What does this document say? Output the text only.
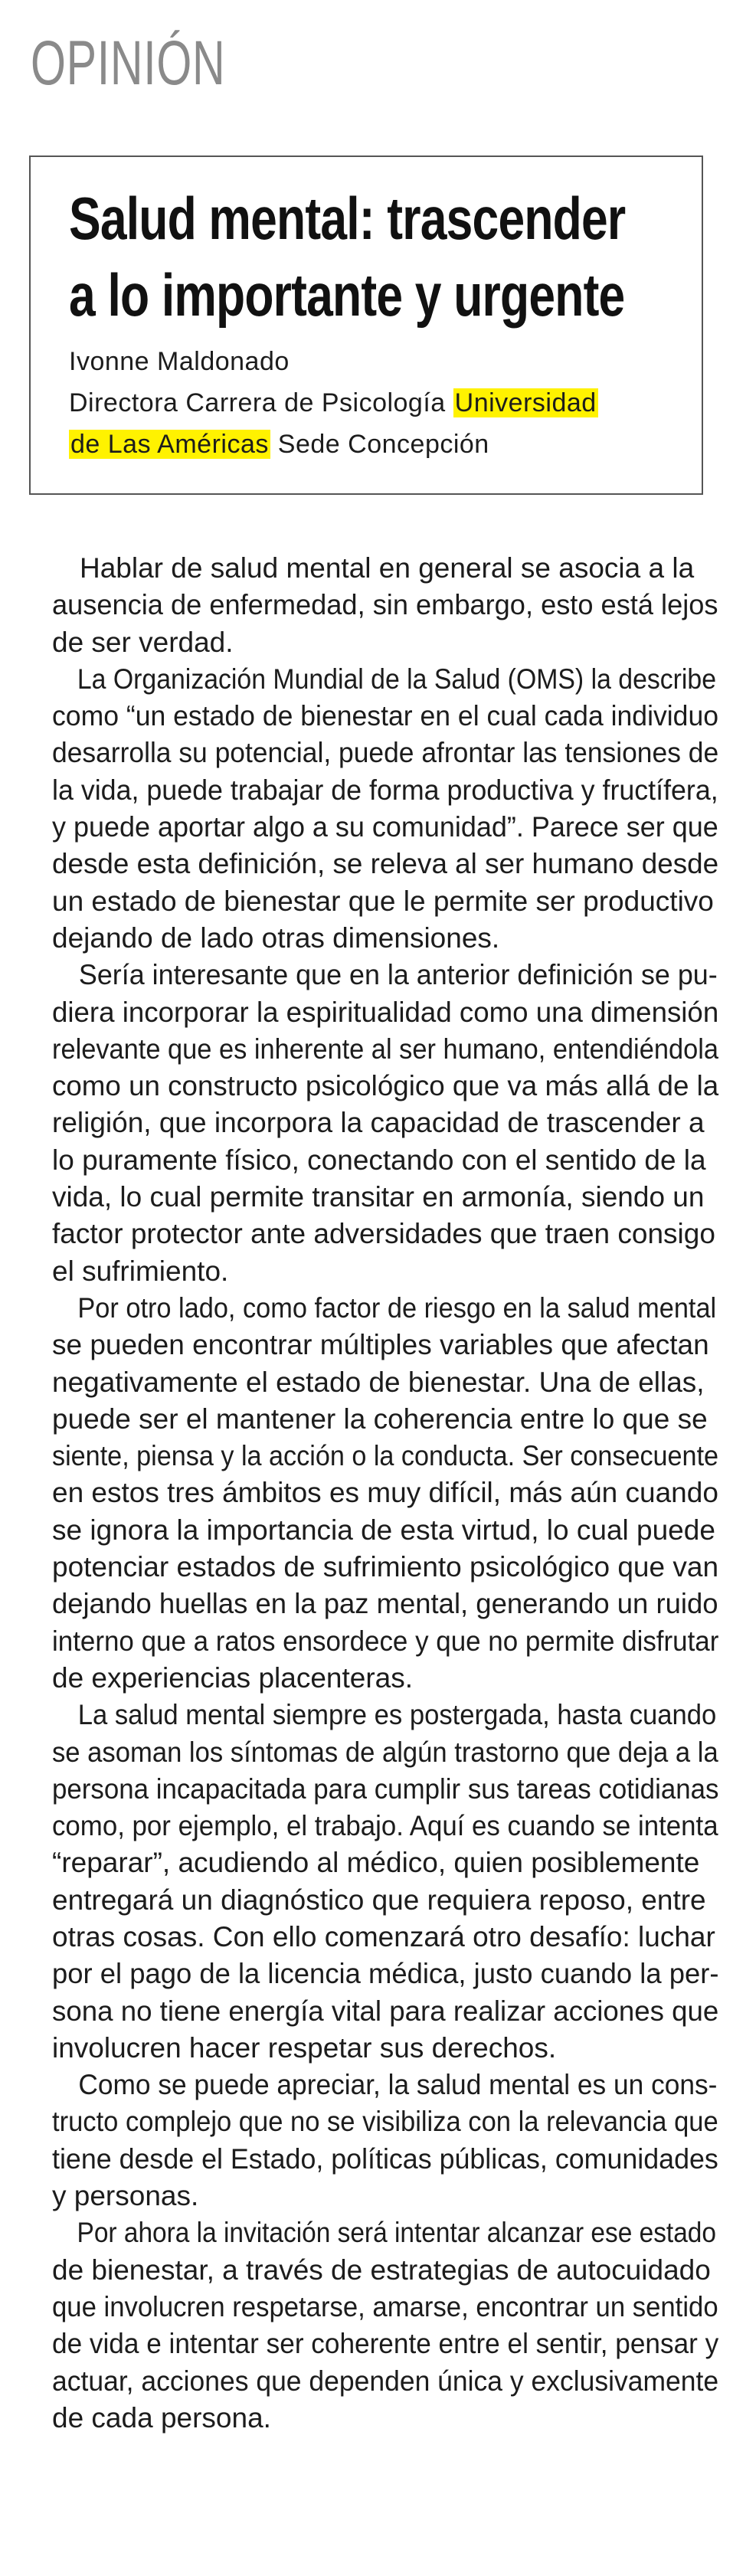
OPINIÓN
Salud mental: trascender
a lo importante y urgente
Ivonne Maldonado
Directora Carrera de Psicología Universidad
de Las Américas Sede Concepción
Hablar de salud mental en general se asocia a la
ausencia de enfermedad, sin embargo, esto está lejos
de ser verdad.
La Organización Mundial de la Salud (OMS) la describe
como “un estado de bienestar en el cual cada individuo
desarrolla su potencial, puede afrontar las tensiones de
la vida, puede trabajar de forma productiva y fructífera,
y puede aportar algo a su comunidad”. Parece ser que
desde esta definición, se releva al ser humano desde
un estado de bienestar que le permite ser productivo
dejando de lado otras dimensiones.
Sería interesante que en la anterior definición se pu-
diera incorporar la espiritualidad como una dimensión
relevante que es inherente al ser humano, entendiéndola
como un constructo psicológico que va más allá de la
religión, que incorpora la capacidad de trascender a
lo puramente físico, conectando con el sentido de la
vida, lo cual permite transitar en armonía, siendo un
factor protector ante adversidades que traen consigo
el sufrimiento.
Por otro lado, como factor de riesgo en la salud mental
se pueden encontrar múltiples variables que afectan
negativamente el estado de bienestar. Una de ellas,
puede ser el mantener la coherencia entre lo que se
siente, piensa y la acción o la conducta. Ser consecuente
en estos tres ámbitos es muy difícil, más aún cuando
se ignora la importancia de esta virtud, lo cual puede
potenciar estados de sufrimiento psicológico que van
dejando huellas en la paz mental, generando un ruido
interno que a ratos ensordece y que no permite disfrutar
de experiencias placenteras.
La salud mental siempre es postergada, hasta cuando
se asoman los síntomas de algún trastorno que deja a la
persona incapacitada para cumplir sus tareas cotidianas
como, por ejemplo, el trabajo. Aquí es cuando se intenta
“reparar”, acudiendo al médico, quien posiblemente
entregará un diagnóstico que requiera reposo, entre
otras cosas. Con ello comenzará otro desafío: luchar
por el pago de la licencia médica, justo cuando la per-
sona no tiene energía vital para realizar acciones que
involucren hacer respetar sus derechos.
Como se puede apreciar, la salud mental es un cons-
tructo complejo que no se visibiliza con la relevancia que
tiene desde el Estado, políticas públicas, comunidades
y personas.
Por ahora la invitación será intentar alcanzar ese estado
de bienestar, a través de estrategias de autocuidado
que involucren respetarse, amarse, encontrar un sentido
de vida e intentar ser coherente entre el sentir, pensar y
actuar, acciones que dependen única y exclusivamente
de cada persona.
